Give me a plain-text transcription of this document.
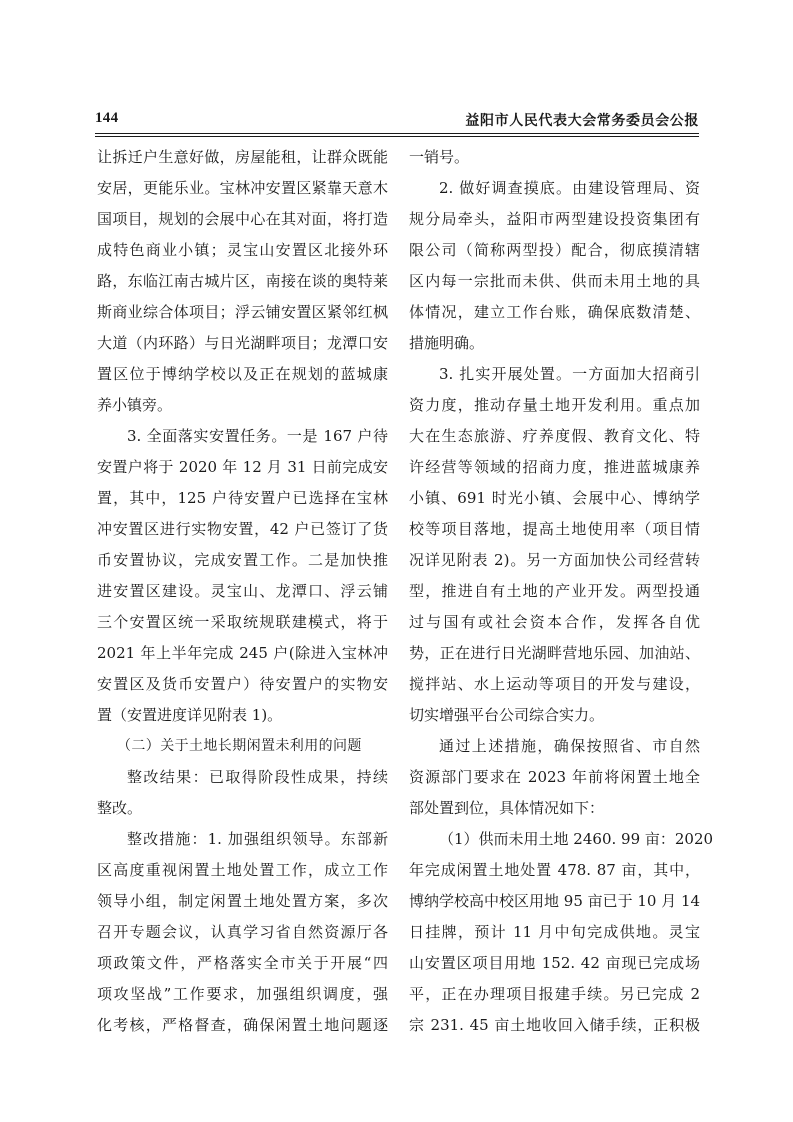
144	益阳市人民代表大会常务委员会公报
让拆迁户生意好做，房屋能租，让群众既能
安居，更能乐业。宝林冲安置区紧靠天意木
国项目，规划的会展中心在其对面，将打造
成特色商业小镇；灵宝山安置区北接外环
路，东临江南古城片区，南接在谈的奥特莱
斯商业综合体项目；浮云铺安置区紧邻红枫
大道（内环路）与日光湖畔项目；龙潭口安
置区位于博纳学校以及正在规划的蓝城康
养小镇旁。
3. 全面落实安置任务。一是 167 户待
安置户将于 2020 年 12 月 31 日前完成安
置，其中，125 户待安置户已选择在宝林
冲安置区进行实物安置，42 户已签订了货
币安置协议，完成安置工作。二是加快推
进安置区建设。灵宝山、龙潭口、浮云铺
三个安置区统一采取统规联建模式，将于
2021 年上半年完成 245 户(除进入宝林冲
安置区及货币安置户）待安置户的实物安
置（安置进度详见附表 1)。
（二）关于土地长期闲置未利用的问题
整改结果：已取得阶段性成果，持续
整改。
整改措施：1. 加强组织领导。东部新
区高度重视闲置土地处置工作，成立工作
领导小组，制定闲置土地处置方案，多次
召开专题会议，认真学习省自然资源厅各
项政策文件，严格落实全市关于开展“四
项攻坚战”工作要求，加强组织调度，强
化考核，严格督查，确保闲置土地问题逐
一销号。
2. 做好调查摸底。由建设管理局、资
规分局牵头，益阳市两型建设投资集团有
限公司（简称两型投）配合，彻底摸清辖
区内每一宗批而未供、供而未用土地的具
体情况，建立工作台账，确保底数清楚、
措施明确。
3. 扎实开展处置。一方面加大招商引
资力度，推动存量土地开发利用。重点加
大在生态旅游、疗养度假、教育文化、特
许经营等领域的招商力度，推进蓝城康养
小镇、691 时光小镇、会展中心、博纳学
校等项目落地，提高土地使用率（项目情
况详见附表 2)。另一方面加快公司经营转
型，推进自有土地的产业开发。两型投通
过与国有或社会资本合作，发挥各自优
势，正在进行日光湖畔营地乐园、加油站、
搅拌站、水上运动等项目的开发与建设，
切实增强平台公司综合实力。
通过上述措施，确保按照省、市自然
资源部门要求在 2023 年前将闲置土地全
部处置到位，具体情况如下：
（1）供而未用土地 2460. 99 亩：2020
年完成闲置土地处置 478. 87 亩，其中，
博纳学校高中校区用地 95 亩已于 10 月 14
日挂牌，预计 11 月中旬完成供地。灵宝
山安置区项目用地 152. 42 亩现已完成场
平，正在办理项目报建手续。另已完成 2
宗 231. 45 亩土地收回入储手续，正积极
